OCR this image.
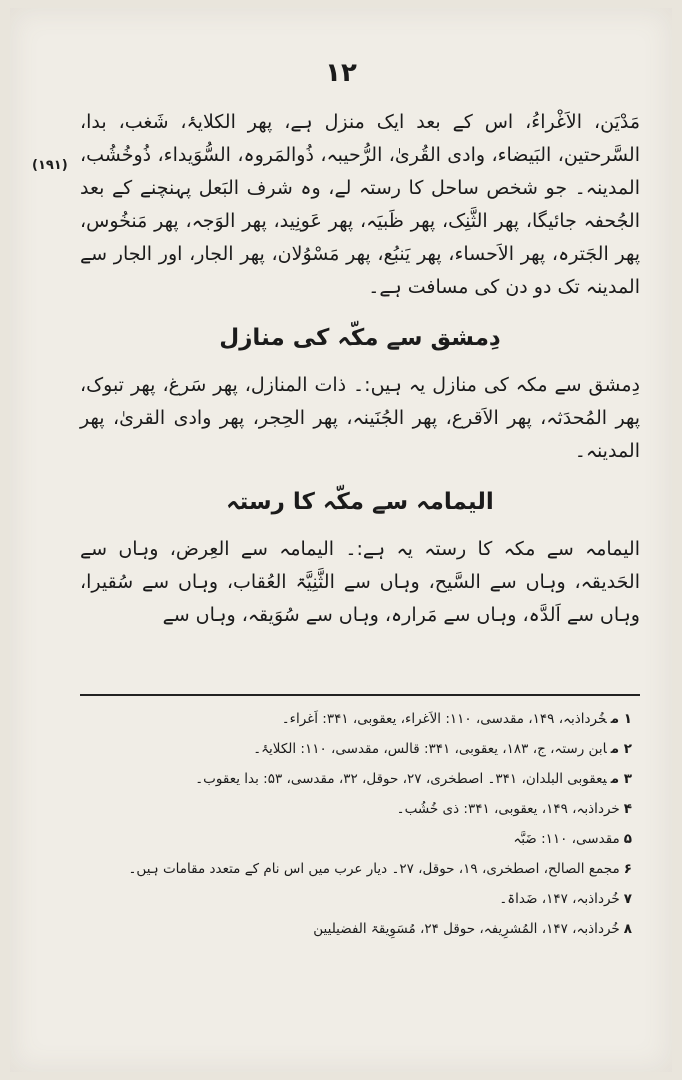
۱۲
(۱۹۱)

مَدْیَن، الاَغْراءُ، اس کے بعد ایک منزل ہے، پھر الکلایۂ، شَغب، بدا، السَّرحتین، البَیضاء، وادی القُریٰ، الرُّحیبہ، ذُوالمَروہ، السُّوَیداء، ذُوخُشُب، المدینہ۔ جو شخص ساحل کا رستہ لے، وہ شرف البَعل پہنچنے کے بعد الجُحفہ جائیگا، پھر الثَّنِک، پھر ظَبیَہ، پھر عَونِید، پھر الوَجہ، پھر مَنخُوس، پھر الجَترہ، پھر الاَحساء، پھر یَنبُع، پھر مَسْوُلان، پھر الجار، اور الجار سے المدینہ تک دو دن کی مسافت ہے۔

دِمشق سے مکّہ کی منازل

دِمشق سے مکہ کی منازل یہ ہیں:۔ ذات المنازل، پھر سَرغ، پھر تبوک، پھر المُحدَثہ، پھر الاَقرع، پھر الجُنَینہ، پھر الحِجر، پھر وادی القریٰ، پھر المدینہ۔

الیمامہ سے مکّہ کا رستہ

الیمامہ سے مکہ کا رستہ یہ ہے:۔ الیمامہ سے العِرض، وہاں سے الحَدیقہ، وہاں سے السَّیح، وہاں سے الثَّنِیَّۃ العُقاب، وہاں سے سُقیرا، وہاں سے اَلدَّہ، وہاں سے مَرارہ، وہاں سے سُوَیقہ، وہاں سے

۱ مخُرداذبہ، ۱۴۹، مقدسی، ۱۱۰: الاَغراء، یعقوبی، ۳۴۱: اَغراء۔

۲ مابن رستہ، ج، ۱۸۳، یعقوبی، ۳۴۱: قالس، مقدسی، ۱۱۰: الکلایۂ۔

۳ میعقوبی البلدان، ۳۴۱۔ اصطخری، ۲۷، حوقل، ۳۲، مقدسی، ۵۳: بدا یعقوب۔

۴خرداذبہ، ۱۴۹، یعقوبی، ۳۴۱: ذی خُشُب۔

۵مقدسی، ۱۱۰: ضَبَّہ

۶مجمع الصالح، اصطخری، ۱۹، حوقل، ۲۷۔ دیار عرب میں اس نام کے متعدد مقامات ہیں۔

۷خُرداذبہ، ۱۴۷، ضَداۃ۔

۸خُرداذبہ، ۱۴۷، المُشرِیفہ، حوقل ۲۴، مُسَوِیقۃ الفضیلیین
